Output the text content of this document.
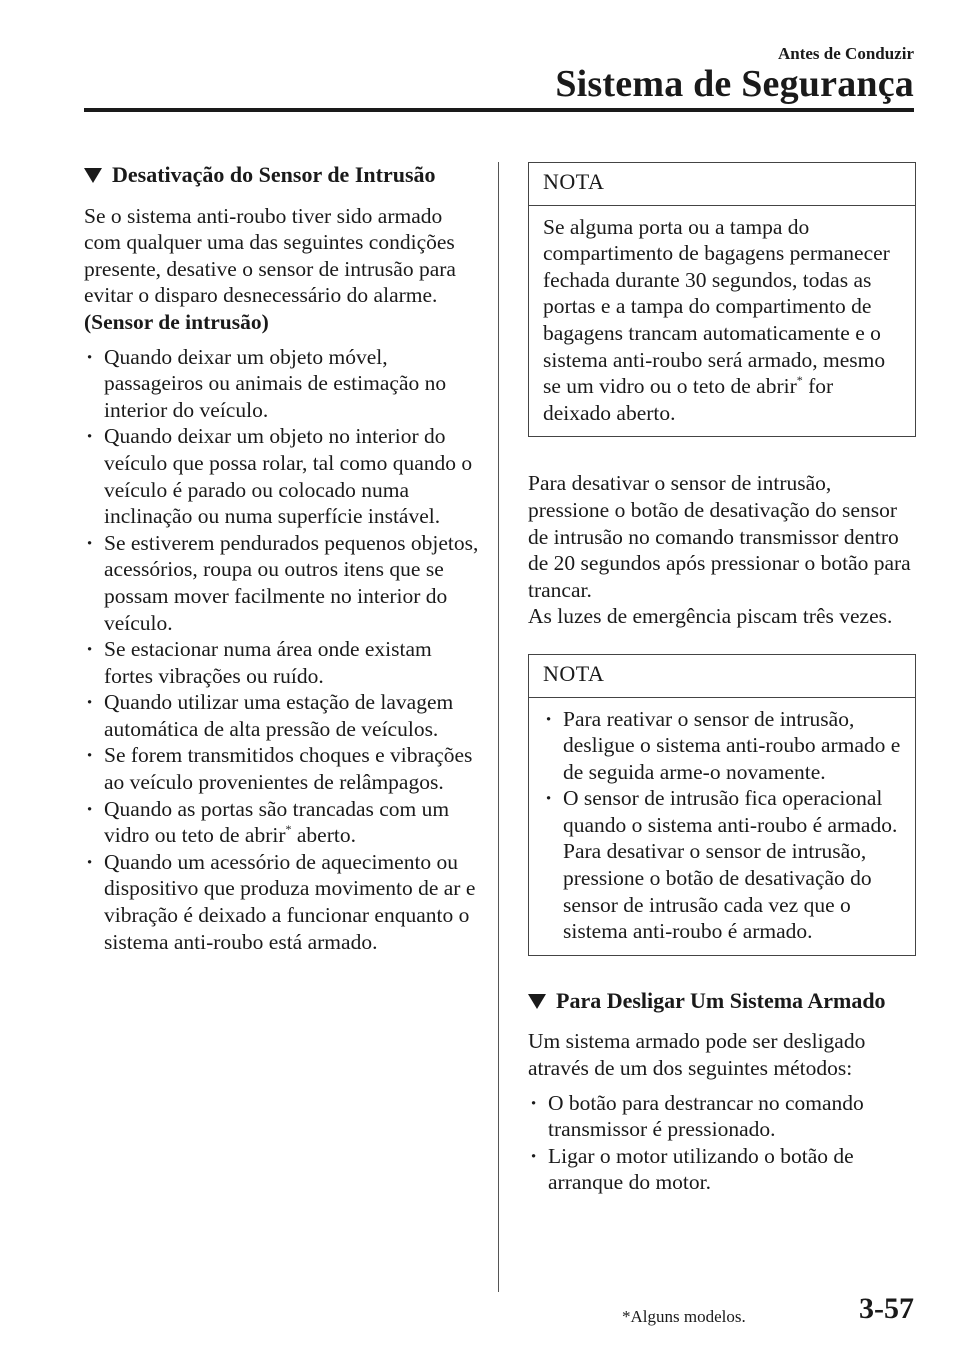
Antes de Conduzir
Sistema de Segurança
Desativação do Sensor de Intrusão

Se o sistema anti-roubo tiver sido armado com qualquer uma das seguintes condições presente, desative o sensor de intrusão para evitar o disparo desnecessário do alarme.

(Sensor de intrusão)

· Quando deixar um objeto móvel, passageiros ou animais de estimação no interior do veículo.
· Quando deixar um objeto no interior do veículo que possa rolar, tal como quando o veículo é parado ou colocado numa inclinação ou numa superfície instável.
· Se estiverem pendurados pequenos objetos, acessórios, roupa ou outros itens que se possam mover facilmente no interior do veículo.
· Se estacionar numa área onde existam fortes vibrações ou ruído.
· Quando utilizar uma estação de lavagem automática de alta pressão de veículos.
· Se forem transmitidos choques e vibrações ao veículo provenientes de relâmpagos.
· Quando as portas são trancadas com um vidro ou teto de abrir* aberto.
· Quando um acessório de aquecimento ou dispositivo que produza movimento de ar e vibração é deixado a funcionar enquanto o sistema anti-roubo está armado.
NOTA
Se alguma porta ou a tampa do compartimento de bagagens permanecer fechada durante 30 segundos, todas as portas e a tampa do compartimento de bagagens trancam automaticamente e o sistema anti-roubo será armado, mesmo se um vidro ou o teto de abrir* for deixado aberto.

Para desativar o sensor de intrusão, pressione o botão de desativação do sensor de intrusão no comando transmissor dentro de 20 segundos após pressionar o botão para trancar.

As luzes de emergência piscam três vezes.

NOTA
· Para reativar o sensor de intrusão, desligue o sistema anti-roubo armado e de seguida arme-o novamente.
· O sensor de intrusão fica operacional quando o sistema anti-roubo é armado. Para desativar o sensor de intrusão, pressione o botão de desativação do sensor de intrusão cada vez que o sistema anti-roubo é armado.
Para Desligar Um Sistema Armado

Um sistema armado pode ser desligado através de um dos seguintes métodos:

· O botão para destrancar no comando transmissor é pressionado.
· Ligar o motor utilizando o botão de arranque do motor.
*Alguns modelos.	3-57
